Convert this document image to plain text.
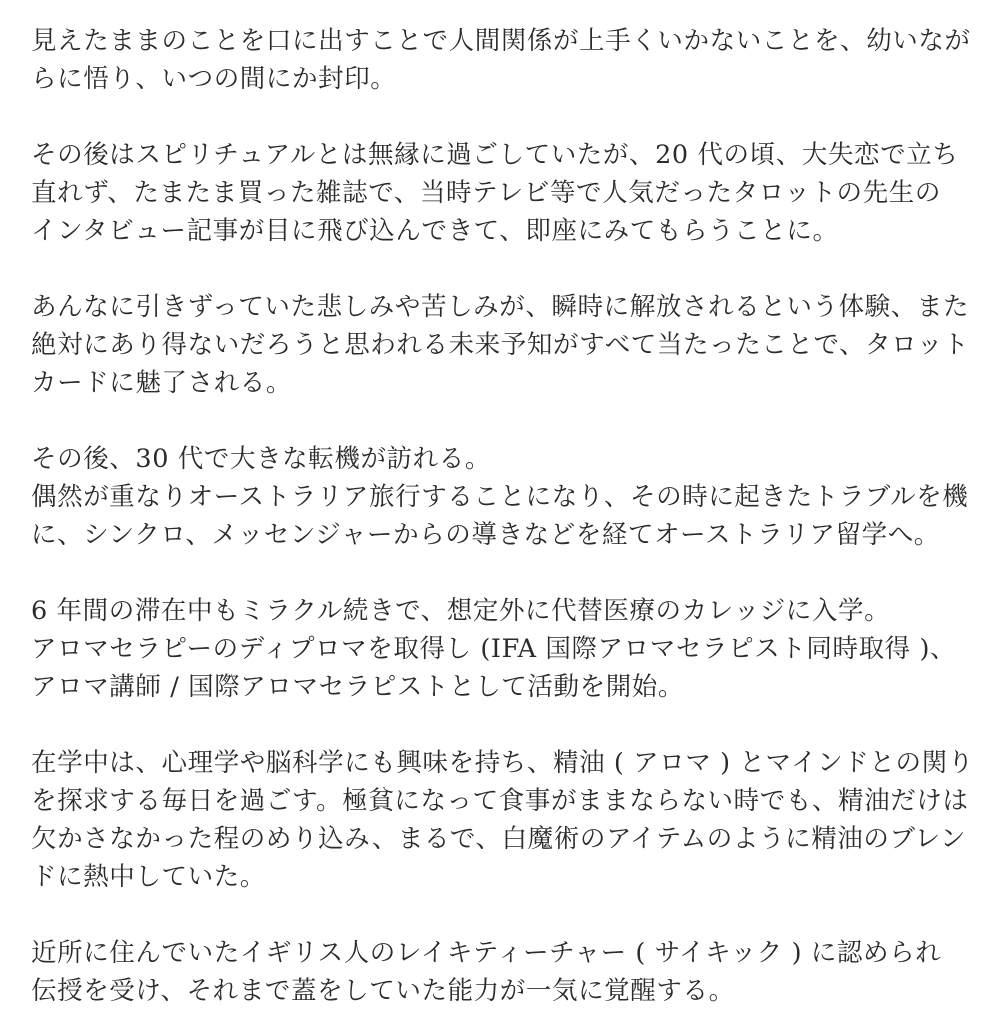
見えたままのことを口に出すことで人間関係が上手くいかないことを、幼いなが
らに悟り、いつの間にか封印。
その後はスピリチュアルとは無縁に過ごしていたが、20 代の頃、大失恋で立ち
直れず、たまたま買った雑誌で、当時テレビ等で人気だったタロットの先生の
インタビュー記事が目に飛び込んできて、即座にみてもらうことに。
あんなに引きずっていた悲しみや苦しみが、瞬時に解放されるという体験、また
絶対にあり得ないだろうと思われる未来予知がすべて当たったことで、タロット
カードに魅了される。
その後、30 代で大きな転機が訪れる。
偶然が重なりオーストラリア旅行することになり、その時に起きたトラブルを機
に、シンクロ、メッセンジャーからの導きなどを経てオーストラリア留学へ。
6 年間の滞在中もミラクル続きで、想定外に代替医療のカレッジに入学。
アロマセラピーのディプロマを取得し (IFA 国際アロマセラピスト同時取得 )、
アロマ講師 / 国際アロマセラピストとして活動を開始。
在学中は、心理学や脳科学にも興味を持ち、精油 ( アロマ ) とマインドとの関り
を探求する毎日を過ごす。極貧になって食事がままならない時でも、精油だけは
欠かさなかった程のめり込み、まるで、白魔術のアイテムのように精油のブレン
ドに熱中していた。
近所に住んでいたイギリス人のレイキティーチャー ( サイキック ) に認められ
伝授を受け、それまで蓋をしていた能力が一気に覚醒する。
